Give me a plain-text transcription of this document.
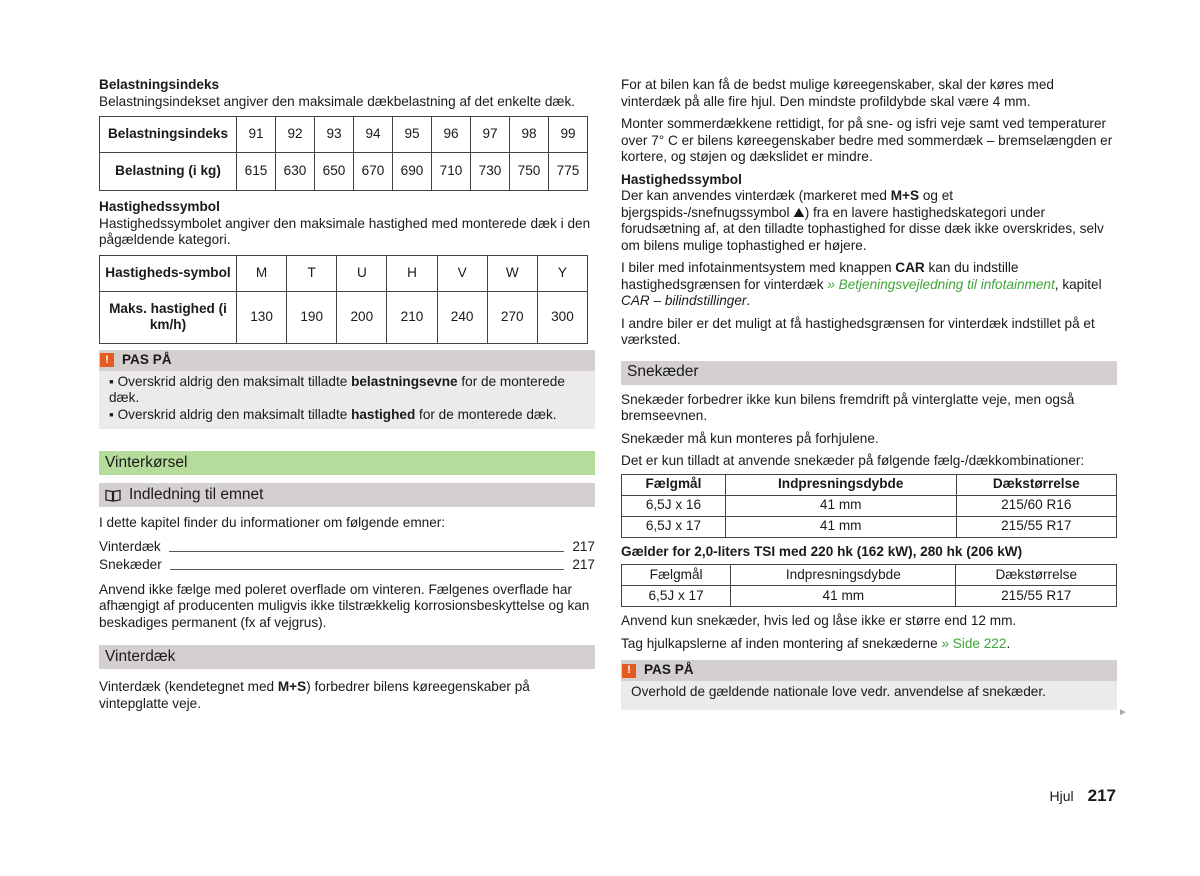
Belastningsindeks

Belastningsindekset angiver den maksimale dækbelastning af det enkelte dæk.

Belastningsindeks	91	92	93	94	95	96	97	98	99
Belastning (i kg)	615	630	650	670	690	710	730	750	775

Hastighedssymbol

Hastighedssymbolet angiver den maksimale hastighed med monterede dæk i den pågældende kategori.

Hastigheds-symbol	M	T	U	H	V	W	Y
Maks. hastighed (i km/h)	130	190	200	210	240	270	300
! PAS PÅ
▪ Overskrid aldrig den maksimalt tilladte belastningsevne for de monterede dæk.
▪ Overskrid aldrig den maksimalt tilladte hastighed for de monterede dæk.
Vinterkørsel
Indledning til emnet

I dette kapitel finder du informationer om følgende emner:

Vinterdæk	217
Snekæder	217

Anvend ikke fælge med poleret overflade om vinteren. Fælgenes overflade har afhængigt af producenten muligvis ikke tilstrækkelig korrosionsbeskyttelse og kan beskadiges permanent (fx af vejgrus).

Vinterdæk

Vinterdæk (kendetegnet med M+S) forbedrer bilens køreegenskaber på vintерglatte veje.

For at bilen kan få de bedst mulige køreegenskaber, skal der køres med vinterdæk på alle fire hjul. Den mindste profildybde skal være 4 mm.

Monter sommerdækkene rettidigt, for på sne- og isfri veje samt ved temperaturer over 7° C er bilens køreegenskaber bedre med sommerdæk – bremselængden er kortere, og støjen og dækslidet er mindre.

Hastighedssymbol

Der kan anvendes vinterdæk (markeret med M+S og et bjergspids-/snefnugssymbol ⛰) fra en lavere hastighedskategori under forudsætning af, at den tilladte tophastighed for disse dæk ikke overskrides, selv om bilens mulige tophastighed er højere.

I biler med infotainmentsystem med knappen CAR kan du indstille hastighedsgrænsen for vinterdæk » Betjeningsvejledning til infotainment, kapitel CAR – bilindstillinger.

I andre biler er det muligt at få hastighedsgrænsen for vinterdæk indstillet på et værksted.

Snekæder

Snekæder forbedrer ikke kun bilens fremdrift på vinterglatte veje, men også bremseevnen.

Snekæder må kun monteres på forhjulene.

Det er kun tilladt at anvende snekæder på følgende fælg-/dækkombinationer:

Fælgmål	Indpresningsdybde	Dækstørrelse
6,5J x 16	41 mm	215/60 R16
6,5J x 17	41 mm	215/55 R17

Gælder for 2,0-liters TSI med 220 hk (162 kW), 280 hk (206 kW)

Fælgmål	Indpresningsdybde	Dækstørrelse
6,5J x 17	41 mm	215/55 R17

Anvend kun snekæder, hvis led og låse ikke er større end 12 mm.

Tag hjulkapslerne af inden montering af snekæderne » Side 222.

! PAS PÅ
Overhold de gældende nationale love vedr. anvendelse af snekæder.
►
Hjul 217
